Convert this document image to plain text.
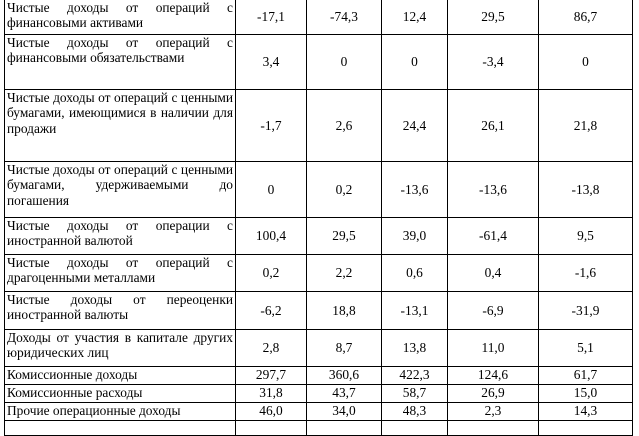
Чистые доходы от операций с финансовыми активами	-17,1	-74,3	12,4	29,5	86,7
Чистые доходы от операций с финансовыми обязательствами	3,4	0	0	-3,4	0
Чистые доходы от операций с ценными бумагами, имеющимися в наличии для продажи	-1,7	2,6	24,4	26,1	21,8
Чистые доходы от операций с ценными бумагами, удерживаемыми до погашения	0	0,2	-13,6	-13,6	-13,8
Чистые доходы от операции с иностранной валютой	100,4	29,5	39,0	-61,4	9,5
Чистые доходы от операций с драгоценными металлами	0,2	2,2	0,6	0,4	-1,6
Чистые доходы от переоценки иностранной валюты	-6,2	18,8	-13,1	-6,9	-31,9
Доходы от участия в капитале других юридических лиц	2,8	8,7	13,8	11,0	5,1
Комиссионные доходы	297,7	360,6	422,3	124,6	61,7
Комиссионные расходы	31,8	43,7	58,7	26,9	15,0
Прочие операционные доходы	46,0	34,0	48,3	2,3	14,3
